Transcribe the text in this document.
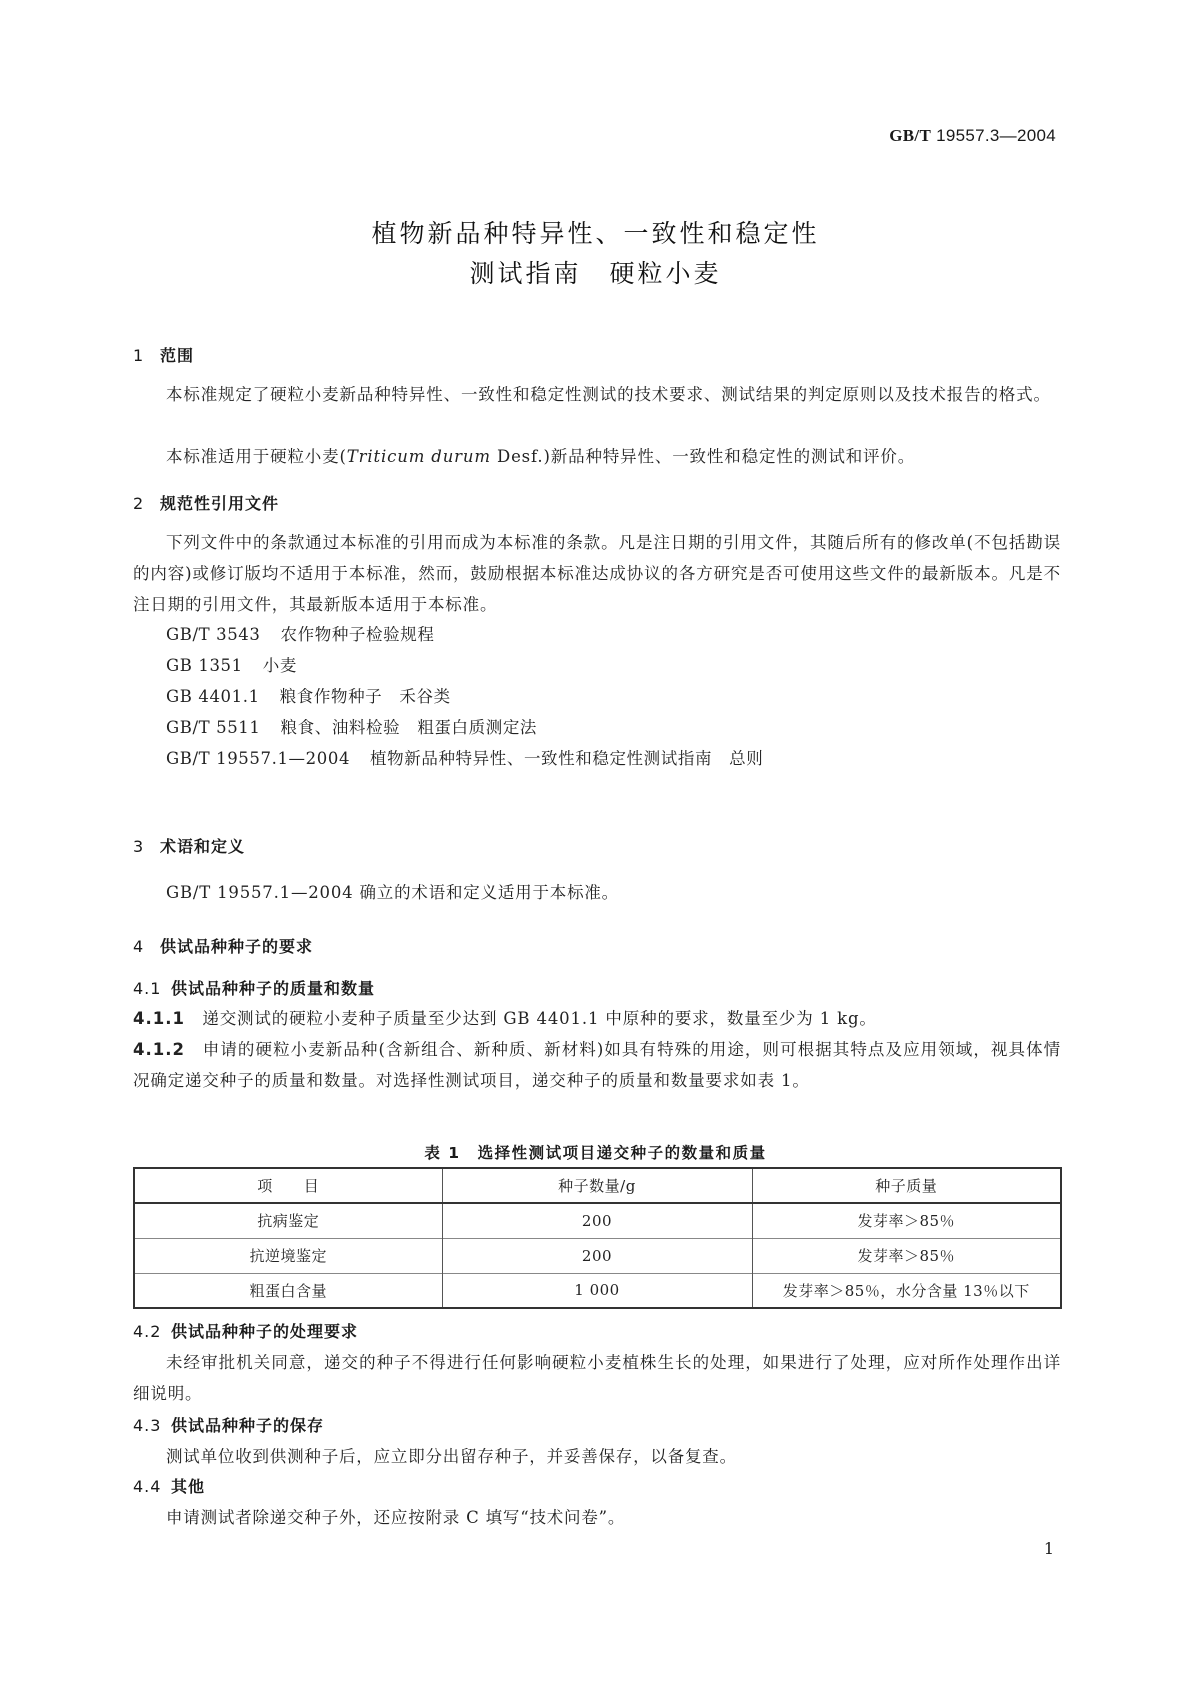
GB/T 19557.3—2004
植物新品种特异性、一致性和稳定性
测试指南　硬粒小麦
1 范围
本标准规定了硬粒小麦新品种特异性、一致性和稳定性测试的技术要求、测试结果的判定原则以及技术报告的格式。
本标准适用于硬粒小麦(Triticum durum Desf.)新品种特异性、一致性和稳定性的测试和评价。
2 规范性引用文件
下列文件中的条款通过本标准的引用而成为本标准的条款。凡是注日期的引用文件，其随后所有的修改单(不包括勘误的内容)或修订版均不适用于本标准，然而，鼓励根据本标准达成协议的各方研究是否可使用这些文件的最新版本。凡是不注日期的引用文件，其最新版本适用于本标准。
GB/T 3543 农作物种子检验规程
GB 1351 小麦
GB 4401.1 粮食作物种子　禾谷类
GB/T 5511 粮食、油料检验　粗蛋白质测定法
GB/T 19557.1—2004 植物新品种特异性、一致性和稳定性测试指南　总则
3 术语和定义
GB/T 19557.1—2004 确立的术语和定义适用于本标准。
4 供试品种种子的要求
4.1 供试品种种子的质量和数量
4.1.1　 递交测试的硬粒小麦种子质量至少达到 GB 4401.1 中原种的要求，数量至少为 1 kg。
4.1.2　 申请的硬粒小麦新品种(含新组合、新种质、新材料)如具有特殊的用途，则可根据其特点及应用领域，视具体情况确定递交种子的质量和数量。对选择性测试项目，递交种子的质量和数量要求如表 1。
表 1　选择性测试项目递交种子的数量和质量
项　　目	种子数量/g	种子质量
抗病鉴定	200	发芽率＞85％
抗逆境鉴定	200	发芽率＞85％
粗蛋白含量	1 000	发芽率＞85％，水分含量 13％以下
4.2 供试品种种子的处理要求
未经审批机关同意，递交的种子不得进行任何影响硬粒小麦植株生长的处理，如果进行了处理，应对所作处理作出详细说明。
4.3 供试品种种子的保存
测试单位收到供测种子后，应立即分出留存种子，并妥善保存，以备复查。
4.4 其他
申请测试者除递交种子外，还应按附录 C 填写“技术问卷”。
1
